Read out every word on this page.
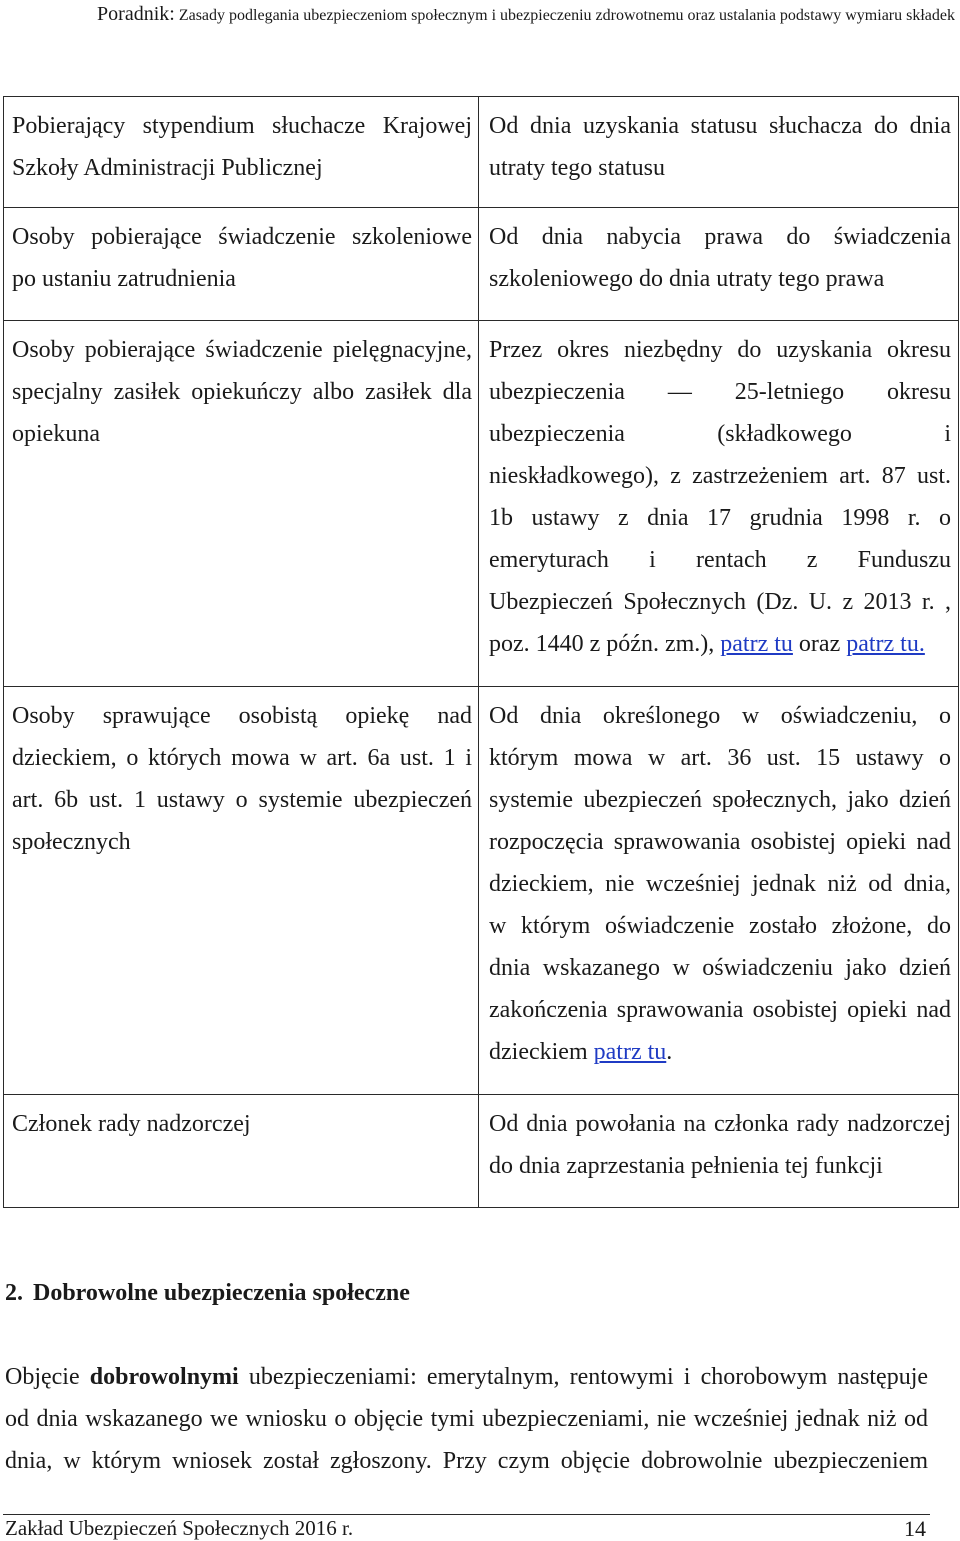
Poradnik: Zasady podlegania ubezpieczeniom społecznym i ubezpieczeniu zdrowotnemu oraz ustalania podstawy wymiaru składek
Pobierający stypendium słuchacze Krajowej
Szkoły Administracji Publicznej
Od dnia uzyskania statusu słuchacza do dnia
utraty tego statusu
Osoby pobierające świadczenie szkoleniowe
po ustaniu zatrudnienia
Od dnia nabycia prawa do świadczenia
szkoleniowego do dnia utraty tego prawa
Osoby pobierające świadczenie pielęgnacyjne,
specjalny zasiłek opiekuńczy albo zasiłek dla
opiekuna
Przez okres niezbędny do uzyskania okresu
ubezpieczenia — 25-letniego okresu
ubezpieczenia (składkowego i
nieskładkowego), z zastrzeżeniem art. 87 ust.
1b ustawy z dnia 17 grudnia 1998 r. o
emeryturach i rentach z Funduszu
Ubezpieczeń Społecznych (Dz. U. z 2013 r. ,
poz. 1440 z późn. zm.), patrz tu oraz patrz tu.
Osoby sprawujące osobistą opiekę nad
dzieckiem, o których mowa w art. 6a ust. 1 i
art. 6b ust. 1 ustawy o systemie ubezpieczeń
społecznych
Od dnia określonego w oświadczeniu, o
którym mowa w art. 36 ust. 15 ustawy o
systemie ubezpieczeń społecznych, jako dzień
rozpoczęcia sprawowania osobistej opieki nad
dzieckiem, nie wcześniej jednak niż od dnia,
w którym oświadczenie zostało złożone, do
dnia wskazanego w oświadczeniu jako dzień
zakończenia sprawowania osobistej opieki nad
dzieckiem patrz tu.
Członek rady nadzorczej	Od dnia powołania na członka rady nadzorczej
do dnia zaprzestania pełnienia tej funkcji
2. Dobrowolne ubezpieczenia społeczne
Objęcie dobrowolnymi ubezpieczeniami: emerytalnym, rentowymi i chorobowym następuje
od dnia wskazanego we wniosku o objęcie tymi ubezpieczeniami, nie wcześniej jednak niż od
dnia, w którym wniosek został zgłoszony. Przy czym objęcie dobrowolnie ubezpieczeniem
Zakład Ubezpieczeń Społecznych 2016 r.	14
